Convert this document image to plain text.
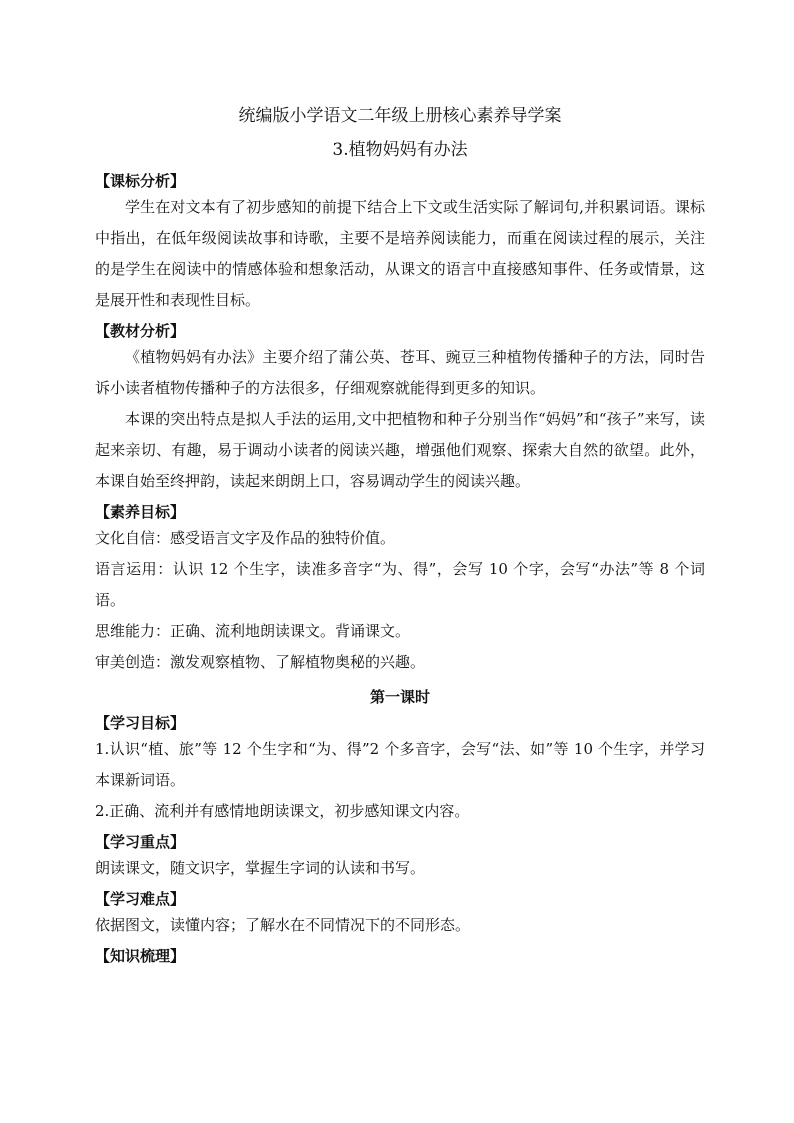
统编版小学语文二年级上册核心素养导学案
3.植物妈妈有办法
【课标分析】

学生在对文本有了初步感知的前提下结合上下文或生活实际了解词句,并积累词语。课标中指出，在低年级阅读故事和诗歌，主要不是培养阅读能力，而重在阅读过程的展示，关注的是学生在阅读中的情感体验和想象活动，从课文的语言中直接感知事件、任务或情景，这是展开性和表现性目标。

【教材分析】

《植物妈妈有办法》主要介绍了蒲公英、苍耳、豌豆三种植物传播种子的方法，同时告诉小读者植物传播种子的方法很多，仔细观察就能得到更多的知识。

本课的突出特点是拟人手法的运用,文中把植物和种子分别当作“妈妈”和“孩子”来写，读起来亲切、有趣，易于调动小读者的阅读兴趣，增强他们观察、探索大自然的欲望。此外，本课自始至终押韵，读起来朗朗上口，容易调动学生的阅读兴趣。

【素养目标】

文化自信：感受语言文字及作品的独特价值。

语言运用：认识 12 个生字，读准多音字“为、得”，会写 10 个字，会写“办法”等 8 个词语。

思维能力：正确、流利地朗读课文。背诵课文。

审美创造：激发观察植物、了解植物奥秘的兴趣。

第一课时
【学习目标】

1.认识“植、旅”等 12 个生字和“为、得”2 个多音字，会写“法、如”等 10 个生字，并学习本课新词语。

2.正确、流利并有感情地朗读课文，初步感知课文内容。

【学习重点】

朗读课文，随文识字，掌握生字词的认读和书写。

【学习难点】

依据图文，读懂内容；了解水在不同情况下的不同形态。

【知识梳理】
